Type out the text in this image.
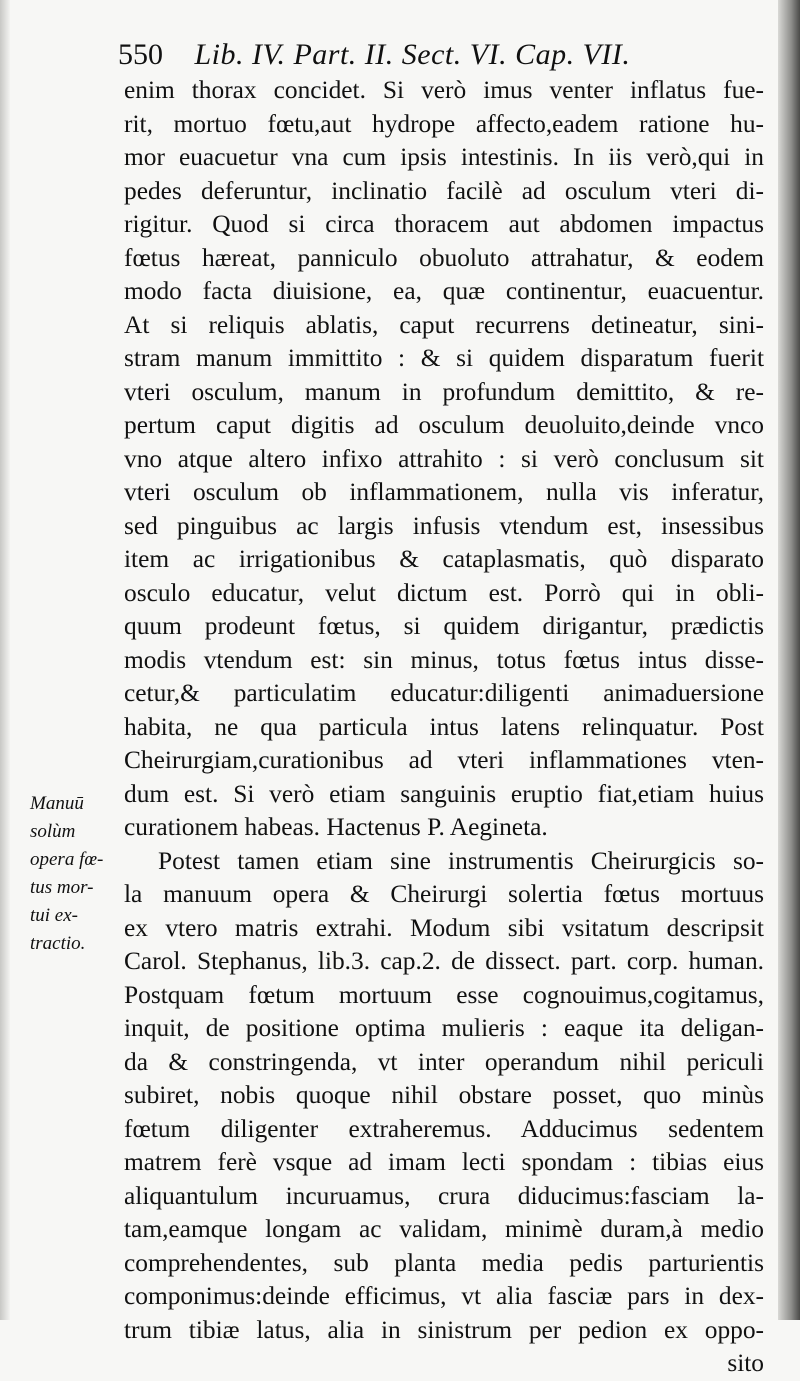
550 Lib. IV. Part. II. Sect. VI. Cap. VII.
Manuū
solùm
opera fœ-
tus mor-
tui ex-
tractio.
enim thorax concidet. Si verò imus venter inflatus fue-
rit, mortuo fœtu,aut hydrope affecto,eadem ratione hu-
mor euacuetur vna cum ipsis intestinis. In iis verò,qui in
pedes deferuntur, inclinatio facilè ad osculum vteri di-
rigitur. Quod si circa thoracem aut abdomen impactus
fœtus hæreat, panniculo obuoluto attrahatur, & eodem
modo facta diuisione, ea, quæ continentur, euacuentur.
At si reliquis ablatis, caput recurrens detineatur, sini-
stram manum immittito : & si quidem disparatum fuerit
vteri osculum, manum in profundum demittito, & re-
pertum caput digitis ad osculum deuoluito,deinde vnco
vno atque altero infixo attrahito : si verò conclusum sit
vteri osculum ob inflammationem, nulla vis inferatur,
sed pinguibus ac largis infusis vtendum est, insessibus
item ac irrigationibus & cataplasmatis, quò disparato
osculo educatur, velut dictum est. Porrò qui in obli-
quum prodeunt fœtus, si quidem dirigantur, prædictis
modis vtendum est: sin minus, totus fœtus intus disse-
cetur,& particulatim educatur:diligenti animaduersione
habita, ne qua particula intus latens relinquatur. Post
Cheirurgiam,curationibus ad vteri inflammationes vten-
dum est. Si verò etiam sanguinis eruptio fiat,etiam huius
curationem habeas. Hactenus P. Aegineta.
Potest tamen etiam sine instrumentis Cheirurgicis so-
la manuum opera & Cheirurgi solertia fœtus mortuus
ex vtero matris extrahi. Modum sibi vsitatum descripsit
Carol. Stephanus, lib.3. cap.2. de dissect. part. corp. human.
Postquam fœtum mortuum esse cognouimus,cogitamus,
inquit, de positione optima mulieris : eaque ita deligan-
da & constringenda, vt inter operandum nihil periculi
subiret, nobis quoque nihil obstare posset, quo minùs
fœtum diligenter extraheremus. Adducimus sedentem
matrem ferè vsque ad imam lecti spondam : tibias eius
aliquantulum incuruamus, crura diducimus:fasciam la-
tam,eamque longam ac validam, minimè duram,à medio
comprehendentes, sub planta media pedis parturientis
componimus:deinde efficimus, vt alia fasciæ pars in dex-
trum tibiæ latus, alia in sinistrum per pediοn ex oppo-
sito
